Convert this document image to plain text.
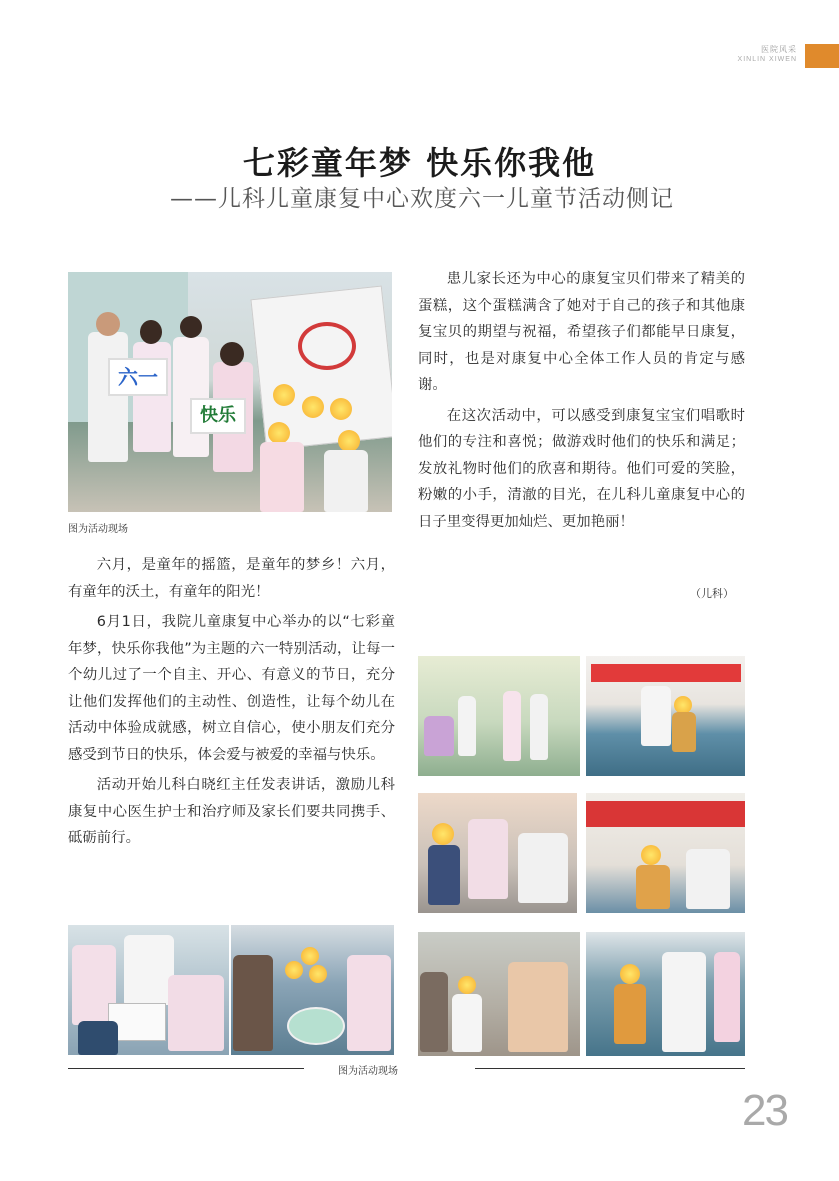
医院风采
XINLIN XIWEN
七彩童年梦 快乐你我他
——儿科儿童康复中心欢度六一儿童节活动侧记
六一
快乐
图为活动现场

六月，是童年的摇篮，是童年的梦乡！六月，有童年的沃土，有童年的阳光！

6月1日，我院儿童康复中心举办的以“七彩童年梦，快乐你我他”为主题的六一特别活动，让每一个幼儿过了一个自主、开心、有意义的节日，充分让他们发挥他们的主动性、创造性，让每个幼儿在活动中体验成就感，树立自信心，使小朋友们充分感受到节日的快乐，体会爱与被爱的幸福与快乐。

活动开始儿科白晓红主任发表讲话，激励儿科康复中心医生护士和治疗师及家长们要共同携手、砥砺前行。

患儿家长还为中心的康复宝贝们带来了精美的蛋糕，这个蛋糕满含了她对于自己的孩子和其他康复宝贝的期望与祝福，希望孩子们都能早日康复，同时，也是对康复中心全体工作人员的肯定与感谢。

在这次活动中，可以感受到康复宝宝们唱歌时他们的专注和喜悦；做游戏时他们的快乐和满足；发放礼物时他们的欣喜和期待。他们可爱的笑脸，粉嫩的小手，清澈的目光，在儿科儿童康复中心的日子里变得更加灿烂、更加艳丽！

（儿科）
图为活动现场
23
